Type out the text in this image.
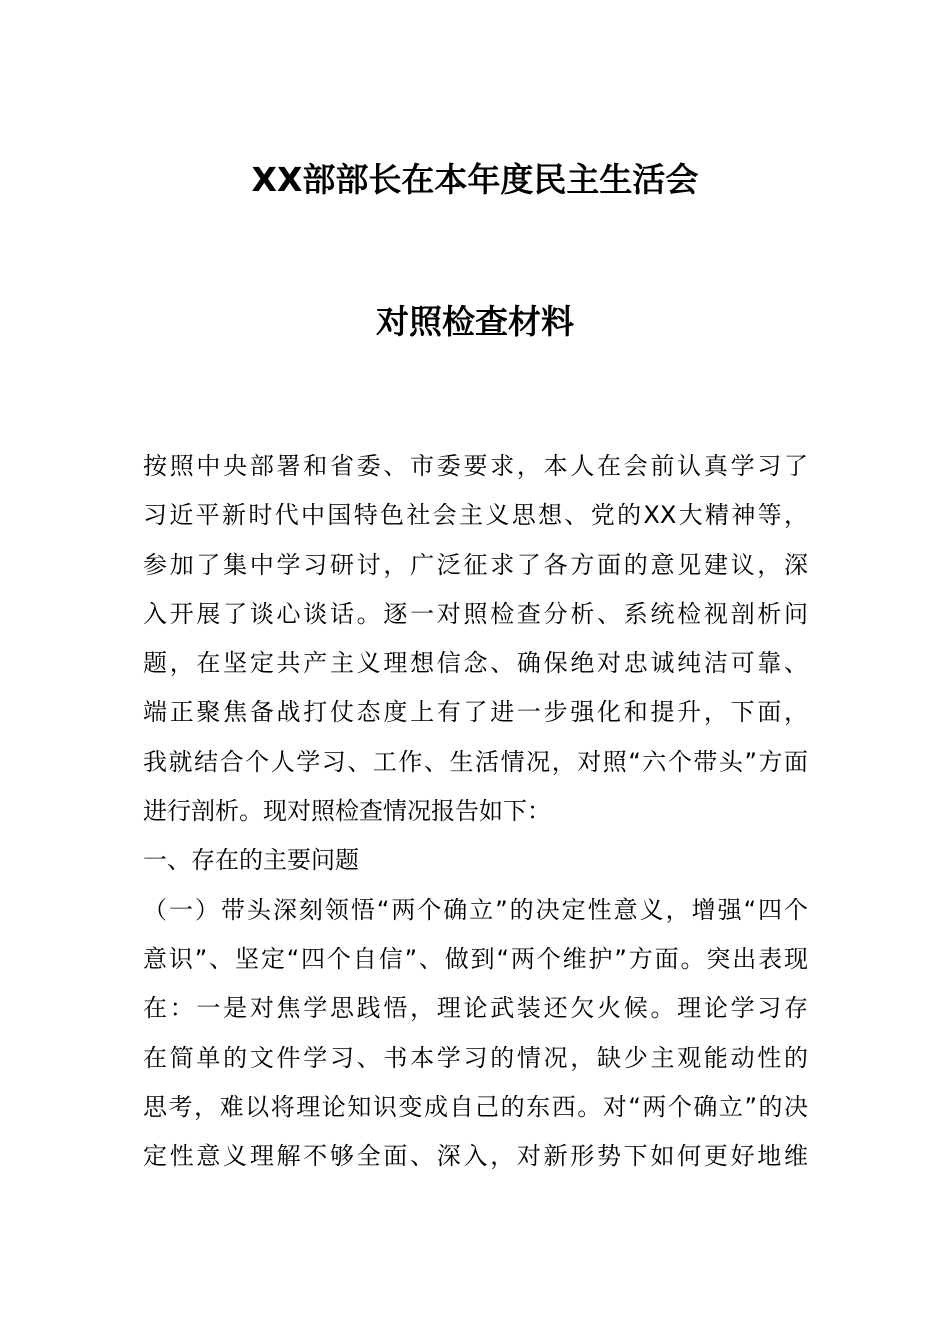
XX部部长在本年度民主生活会
对照检查材料
按照中央部署和省委、市委要求，本人在会前认真学习了
习近平新时代中国特色社会主义思想、党的XX大精神等，
参加了集中学习研讨，广泛征求了各方面的意见建议，深
入开展了谈心谈话。逐一对照检查分析、系统检视剖析问
题，在坚定共产主义理想信念、确保绝对忠诚纯洁可靠、
端正聚焦备战打仗态度上有了进一步强化和提升，下面，
我就结合个人学习、工作、生活情况，对照“六个带头”方面
进行剖析。现对照检查情况报告如下：
一、存在的主要问题
（一）带头深刻领悟“两个确立”的决定性意义，增强“四个
意识”、坚定“四个自信”、做到“两个维护”方面。突出表现
在：一是对焦学思践悟，理论武装还欠火候。理论学习存
在简单的文件学习、书本学习的情况，缺少主观能动性的
思考，难以将理论知识变成自己的东西。对“两个确立”的决
定性意义理解不够全面、深入，对新形势下如何更好地维
